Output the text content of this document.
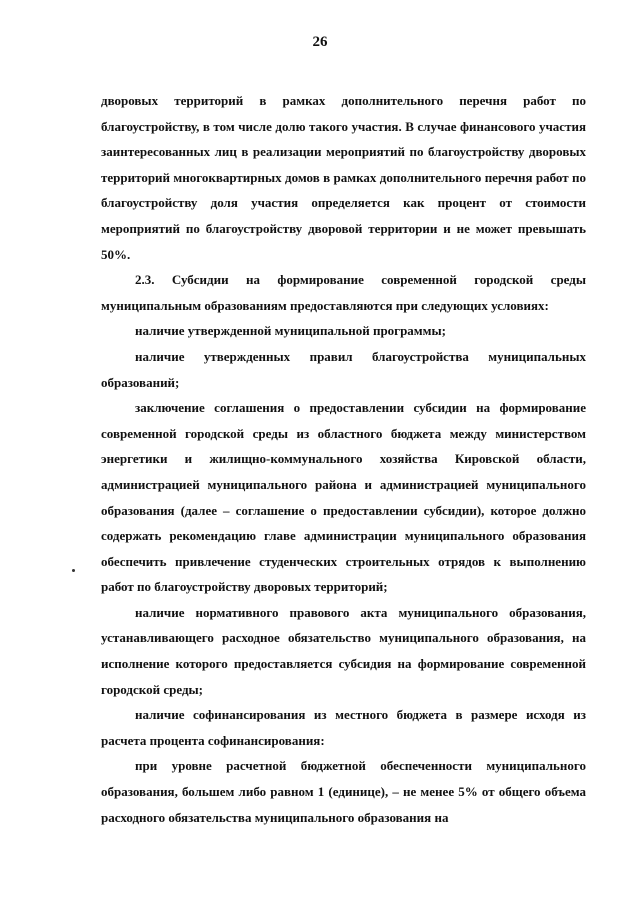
26

дворовых территорий в рамках дополнительного перечня работ по благоустройству, в том числе долю такого участия. В случае финансового участия заинтересованных лиц в реализации мероприятий по благоустройству дворовых территорий многоквартирных домов в рамках дополнительного перечня работ по благоустройству доля участия определяется как процент от стоимости мероприятий по благоустройству дворовой территории и не может превышать 50%.

2.3. Субсидии на формирование современной городской среды муниципальным образованиям предоставляются при следующих условиях:

наличие утвержденной муниципальной программы;

наличие утвержденных правил благоустройства муниципальных образований;

заключение соглашения о предоставлении субсидии на формирование современной городской среды из областного бюджета между министерством энергетики и жилищно-коммунального хозяйства Кировской области, администрацией муниципального района и администрацией муниципального образования (далее – соглашение о предоставлении субсидии), которое должно содержать рекомендацию главе администрации муниципального образования обеспечить привлечение студенческих строительных отрядов к выполнению работ по благоустройству дворовых территорий;

наличие нормативного правового акта муниципального образования, устанавливающего расходное обязательство муниципального образования, на исполнение которого предоставляется субсидия на формирование современной городской среды;

наличие софинансирования из местного бюджета в размере исходя из расчета процента софинансирования:

при уровне расчетной бюджетной обеспеченности муниципального образования, большем либо равном 1 (единице), – не менее 5% от общего объема расходного обязательства муниципального образования на
